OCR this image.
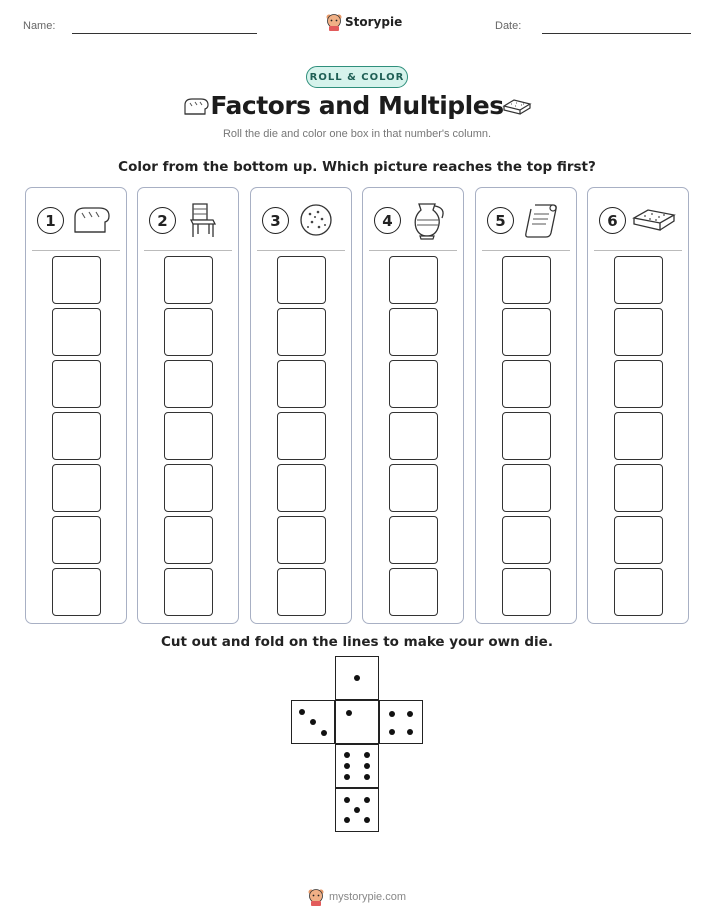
Name:	Storypie	Date:
ROLL & COLOR
Factors and Multiples
Roll the die and color one box in that number's column.
Color from the bottom up. Which picture reaches the top first?
1	2	3	4	5	6
Cut out and fold on the lines to make your own die.
mystorypie.com
